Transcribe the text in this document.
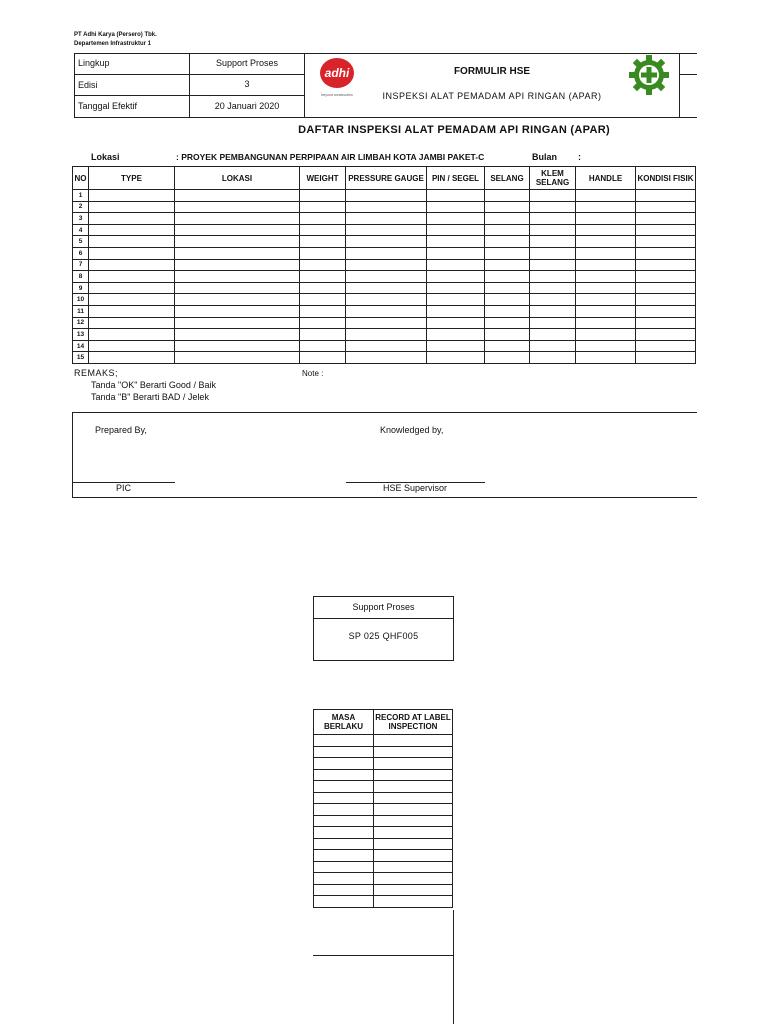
PT Adhi Karya (Persero) Tbk.
Departemen Infrastruktur 1
Lingkup	Support Proses
Edisi	3
Tanggal Efektif	20 Januari 2020
adhi
beyond construction
FORMULIR HSE
INSPEKSI ALAT PEMADAM API RINGAN (APAR)
DAFTAR INSPEKSI ALAT PEMADAM API RINGAN (APAR)
Lokasi	: PROYEK PEMBANGUNAN PERPIPAAN AIR LIMBAH KOTA JAMBI PAKET-C	Bulan :
NO	TYPE	LOKASI	WEIGHT	PRESSURE GAUGE	PIN / SEGEL	SELANG	KLEM SELANG	HANDLE	KONDISI FISIK
1									
2									
3									
4									
5									
6									
7									
8									
9									
10									
11									
12									
13									
14									
15									
REMAKS;	Note :
Tanda "OK" Berarti Good / Baik
Tanda "B" Berarti BAD / Jelek
Prepared By,	Knowledged by,
PIC	HSE Supervisor
Support Proses
SP 025 QHF005
MASA BERLAKU	RECORD AT LABEL INSPECTION
